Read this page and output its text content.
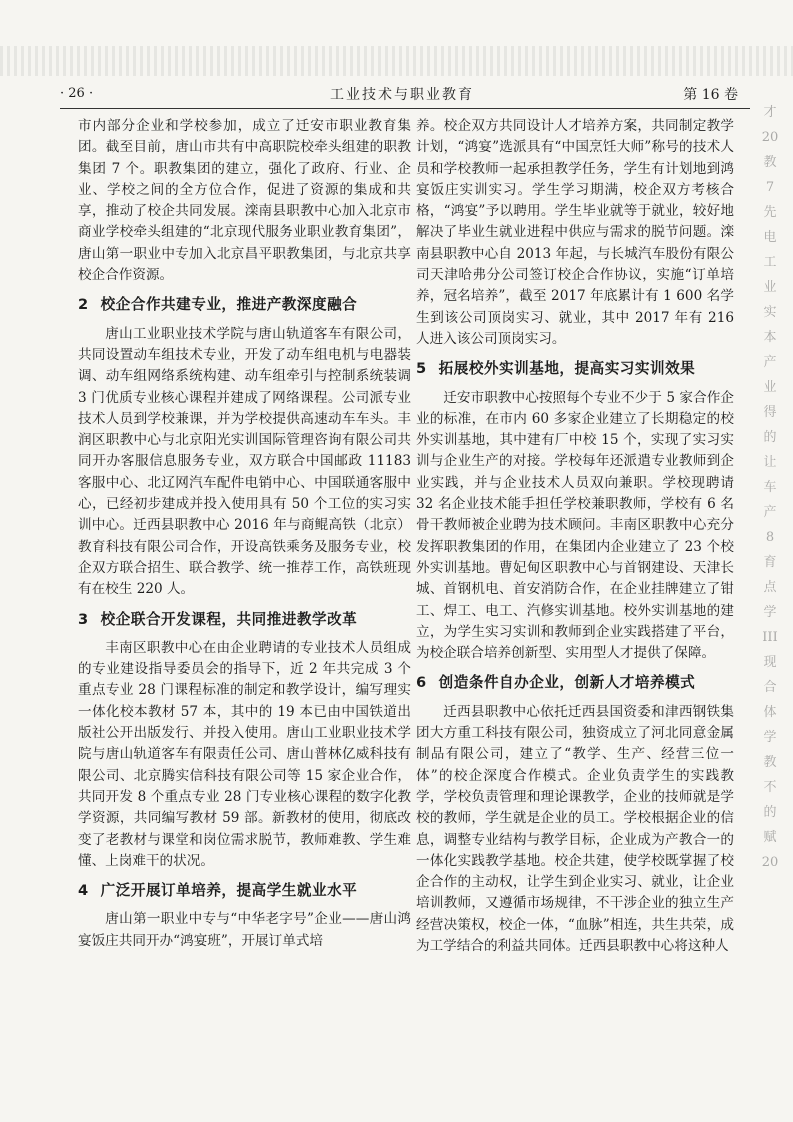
· 26 ·	工业技术与职业教育	第 16 卷

市内部分企业和学校参加，成立了迁安市职业教育集团。截至目前，唐山市共有中高职院校牵头组建的职教集团 7 个。职教集团的建立，强化了政府、行业、企业、学校之间的全方位合作，促进了资源的集成和共享，推动了校企共同发展。滦南县职教中心加入北京市商业学校牵头组建的“北京现代服务业职业教育集团”，唐山第一职业中专加入北京昌平职教集团，与北京共享校企合作资源。

2 校企合作共建专业，推进产教深度融合

唐山工业职业技术学院与唐山轨道客车有限公司，共同设置动车组技术专业，开发了动车组电机与电器装调、动车组网络系统构建、动车组牵引与控制系统装调 3 门优质专业核心课程并建成了网络课程。公司派专业技术人员到学校兼课，并为学校提供高速动车车头。丰润区职教中心与北京阳光实训国际管理咨询有限公司共同开办客服信息服务专业，双方联合中国邮政 11183 客服中心、北辽网汽车配件电销中心、中国联通客服中心，已经初步建成并投入使用具有 50 个工位的实习实训中心。迁西县职教中心 2016 年与商鲲高铁（北京）教育科技有限公司合作，开设高铁乘务及服务专业，校企双方联合招生、联合教学、统一推荐工作，高铁班现有在校生 220 人。

3 校企联合开发课程，共同推进教学改革

丰南区职教中心在由企业聘请的专业技术人员组成的专业建设指导委员会的指导下，近 2 年共完成 3 个重点专业 28 门课程标准的制定和教学设计，编写理实一体化校本教材 57 本，其中的 19 本已由中国铁道出版社公开出版发行、并投入使用。唐山工业职业技术学院与唐山轨道客车有限责任公司、唐山普林亿威科技有限公司、北京腾实信科技有限公司等 15 家企业合作，共同开发 8 个重点专业 28 门专业核心课程的数字化教学资源，共同编写教材 59 部。新教材的使用，彻底改变了老教材与课堂和岗位需求脱节，教师难教、学生难懂、上岗难干的状况。

4 广泛开展订单培养，提高学生就业水平

唐山第一职业中专与“中华老字号”企业——唐山鸿宴饭庄共同开办“鸿宴班”，开展订单式培

养。校企双方共同设计人才培养方案，共同制定教学计划，“鸿宴”选派具有“中国烹饪大师”称号的技术人员和学校教师一起承担教学任务，学生有计划地到鸿宴饭庄实训实习。学生学习期满，校企双方考核合格，“鸿宴”予以聘用。学生毕业就等于就业，较好地解决了毕业生就业进程中供应与需求的脱节问题。滦南县职教中心自 2013 年起，与长城汽车股份有限公司天津哈弗分公司签订校企合作协议，实施“订单培养，冠名培养”，截至 2017 年底累计有 1 600 名学生到该公司顶岗实习、就业，其中 2017 年有 216 人进入该公司顶岗实习。

5 拓展校外实训基地，提高实习实训效果

迁安市职教中心按照每个专业不少于 5 家合作企业的标准，在市内 60 多家企业建立了长期稳定的校外实训基地，其中建有厂中校 15 个，实现了实习实训与企业生产的对接。学校每年还派遣专业教师到企业实践，并与企业技术人员双向兼职。学校现聘请 32 名企业技术能手担任学校兼职教师，学校有 6 名骨干教师被企业聘为技术顾问。丰南区职教中心充分发挥职教集团的作用，在集团内企业建立了 23 个校外实训基地。曹妃甸区职教中心与首钢建设、天津长城、首钢机电、首安消防合作，在企业挂牌建立了钳工、焊工、电工、汽修实训基地。校外实训基地的建立，为学生实习实训和教师到企业实践搭建了平台，为校企联合培养创新型、实用型人才提供了保障。

6 创造条件自办企业，创新人才培养模式

迁西县职教中心依托迁西县国资委和津西钢铁集团大方重工科技有限公司，独资成立了河北同意金属制品有限公司，建立了“教学、生产、经营三位一体”的校企深度合作模式。企业负责学生的实践教学，学校负责管理和理论课教学，企业的技师就是学校的教师，学生就是企业的员工。学校根据企业的信息，调整专业结构与教学目标，企业成为产教合一的一体化实践教学基地。校企共建，使学校既掌握了校企合作的主动权，让学生到企业实习、就业，让企业培训教师，又遵循市场规律，不干涉企业的独立生产经营决策权，校企一体，“血脉”相连，共生共荣，成为工学结合的利益共同体。迁西县职教中心将这种人

才
20
教
7
先
电
工
业
实
本
产
业
得
的
让
车
产
8
育
点
学
III
现
合
体
学
教
不
的
赋
20
